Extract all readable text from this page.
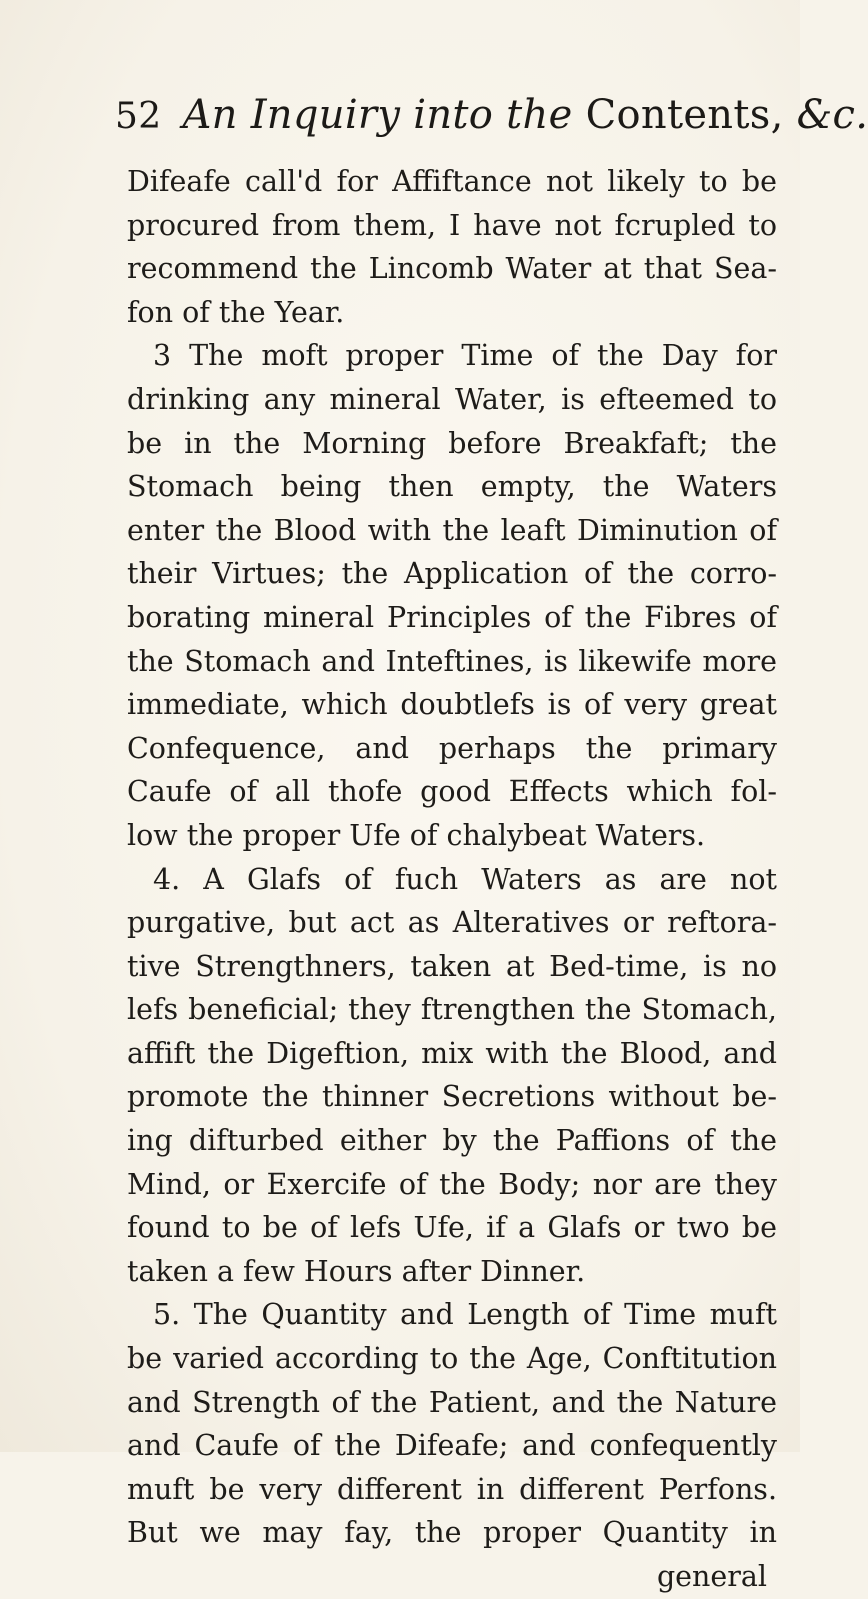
52 An Inquiry into the Contents, &c.
Difeafe call'd for Affiftance not likely to be
procured from them, I have not fcrupled to
recommend the Lincomb Water at that Sea-
fon of the Year.
3 The moft proper Time of the Day for
drinking any mineral Water, is efteemed to
be in the Morning before Breakfaft; the
Stomach being then empty, the Waters
enter the Blood with the leaft Diminution of
their Virtues; the Application of the corro-
borating mineral Principles of the Fibres of
the Stomach and Inteftines, is likewife more
immediate, which doubtlefs is of very great
Confequence, and perhaps the primary
Caufe of all thofe good Effects which fol-
low the proper Ufe of chalybeat Waters.
4. A Glafs of fuch Waters as are not
purgative, but act as Alteratives or reftora-
tive Strengthners, taken at Bed-time, is no
lefs beneficial; they ftrengthen the Stomach,
affift the Digeftion, mix with the Blood, and
promote the thinner Secretions without be-
ing difturbed either by the Paffions of the
Mind, or Exercife of the Body; nor are they
found to be of lefs Ufe, if a Glafs or two be
taken a few Hours after Dinner.
5. The Quantity and Length of Time muft
be varied according to the Age, Conftitution
and Strength of the Patient, and the Nature
and Caufe of the Difeafe; and confequently
muft be very different in different Perfons.
But we may fay, the proper Quantity in
general
